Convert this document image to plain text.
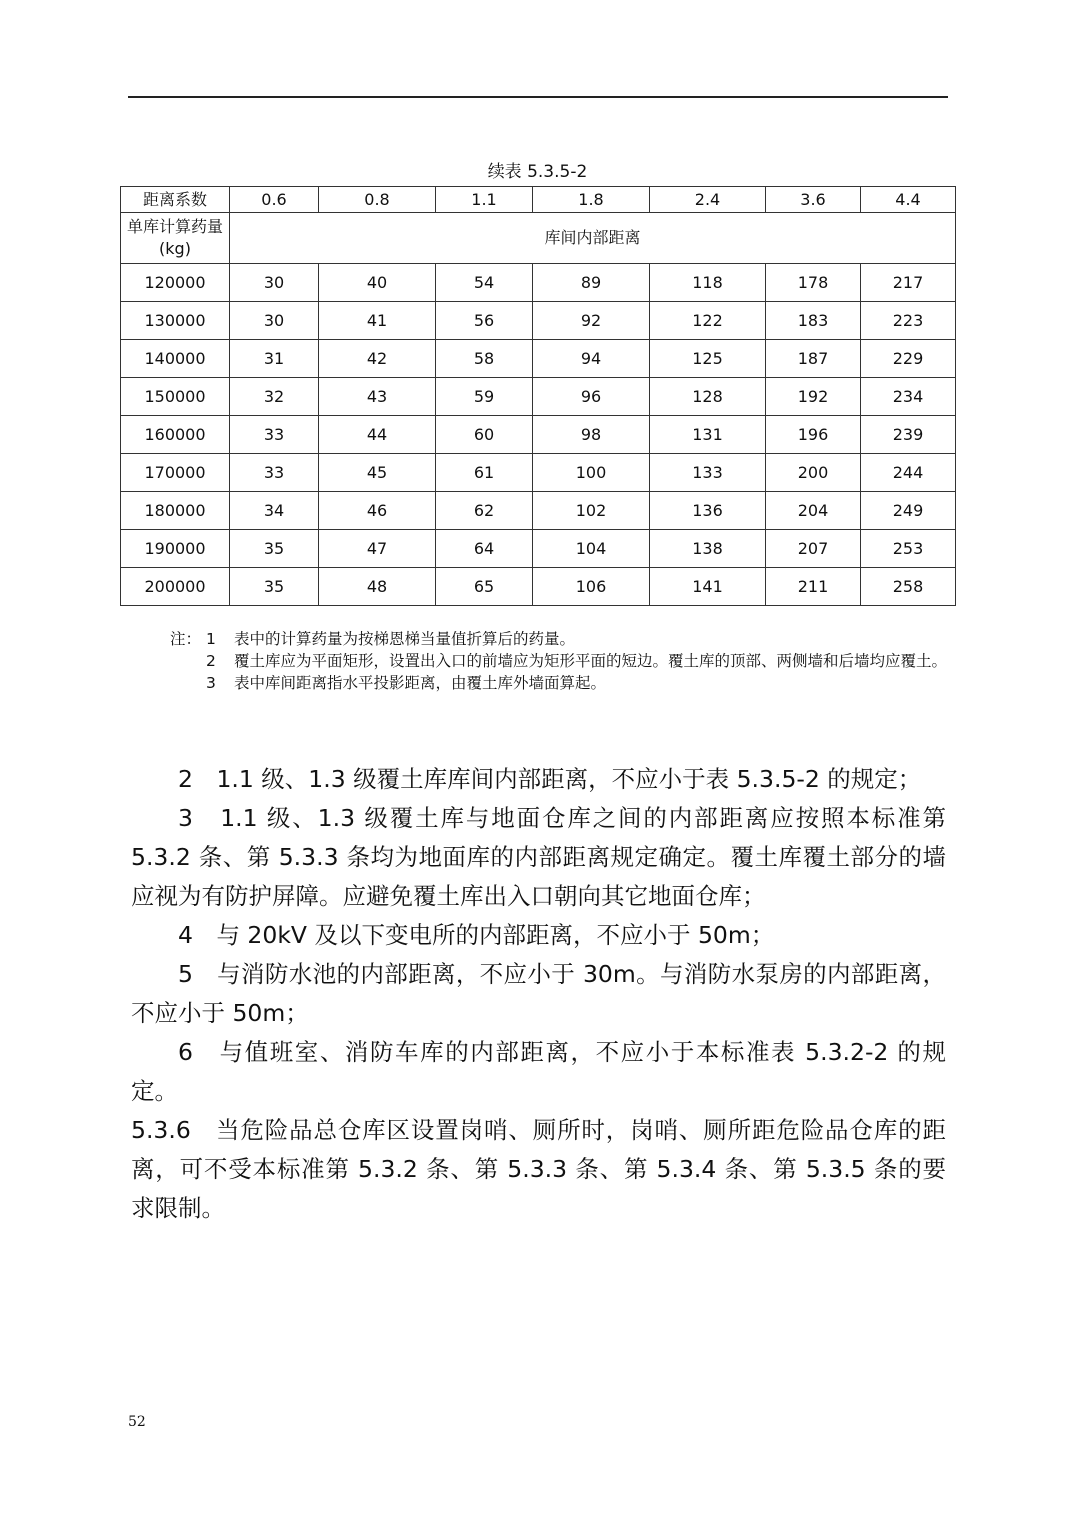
续表 5.3.5-2
距离系数	0.6	0.8	1.1	1.8	2.4	3.6	4.4
单库计算药量(kg)	库间内部距离						
120000	30	40	54	89	118	178	217
130000	30	41	56	92	122	183	223
140000	31	42	58	94	125	187	229
150000	32	43	59	96	128	192	234
160000	33	44	60	98	131	196	239
170000	33	45	61	100	133	200	244
180000	34	46	62	102	136	204	249
190000	35	47	64	104	138	207	253
200000	35	48	65	106	141	211	258
注： 1	表中的计算药量为按梯恩梯当量值折算后的药量。
2	覆土库应为平面矩形，设置出入口的前墙应为矩形平面的短边。覆土库的顶部、两侧墙和后墙均应覆土。
3	表中库间距离指水平投影距离，由覆土库外墙面算起。

2　1.1 级、1.3 级覆土库库间内部距离，不应小于表 5.3.5-2 的规定；

3　1.1 级、1.3 级覆土库与地面仓库之间的内部距离应按照本标准第 5.3.2 条、第 5.3.3 条均为地面库的内部距离规定确定。覆土库覆土部分的墙应视为有防护屏障。应避免覆土库出入口朝向其它地面仓库；

4　与 20kV 及以下变电所的内部距离，不应小于 50m；

5　与消防水池的内部距离，不应小于 30m。与消防水泵房的内部距离，不应小于 50m；

6　与值班室、消防车库的内部距离，不应小于本标准表 5.3.2-2 的规定。

5.3.6　当危险品总仓库区设置岗哨、厕所时，岗哨、厕所距危险品仓库的距离，可不受本标准第 5.3.2 条、第 5.3.3 条、第 5.3.4 条、第 5.3.5 条的要求限制。

52
